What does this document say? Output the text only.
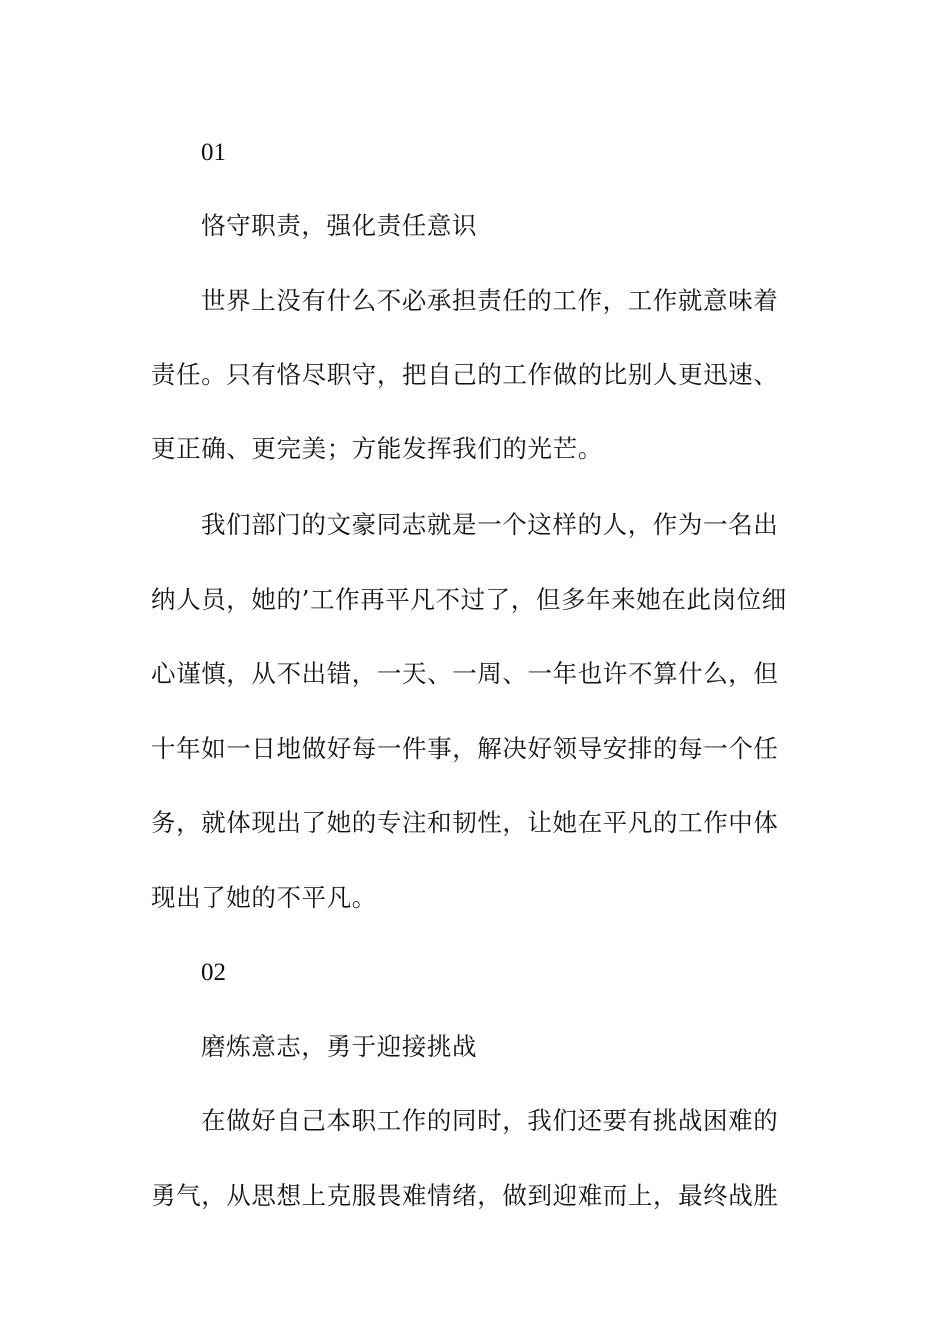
01
恪守职责，强化责任意识
世界上没有什么不必承担责任的工作，工作就意味着
责任。只有恪尽职守，把自己的工作做的比别人更迅速、
更正确、更完美；方能发挥我们的光芒。
我们部门的文豪同志就是一个这样的人，作为一名出
纳人员，她的’工作再平凡不过了，但多年来她在此岗位细
心谨慎，从不出错，一天、一周、一年也许不算什么，但
十年如一日地做好每一件事，解决好领导安排的每一个任
务，就体现出了她的专注和韧性，让她在平凡的工作中体
现出了她的不平凡。
02
磨炼意志，勇于迎接挑战
在做好自己本职工作的同时，我们还要有挑战困难的
勇气，从思想上克服畏难情绪，做到迎难而上，最终战胜
